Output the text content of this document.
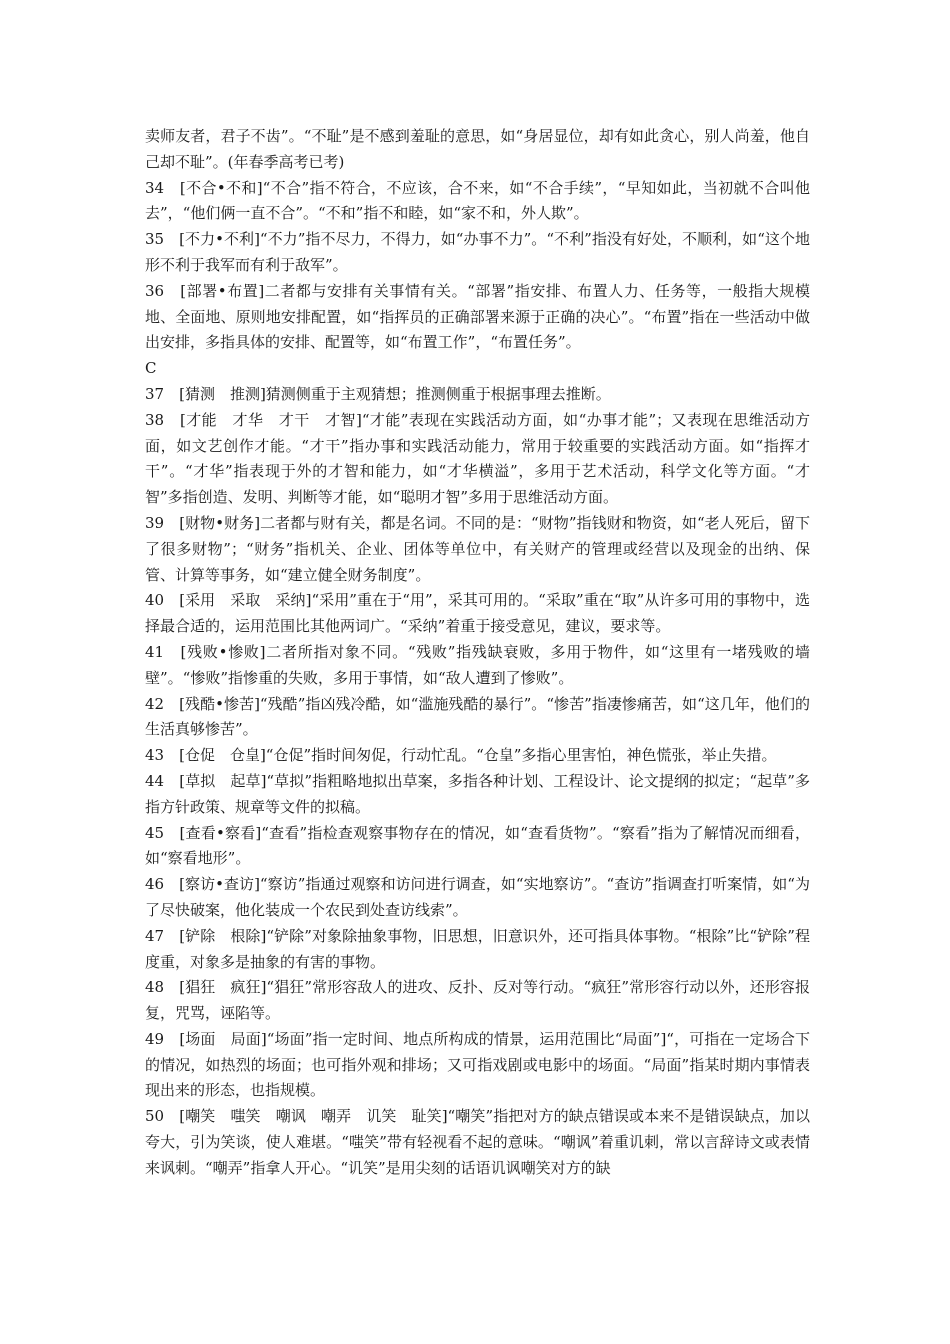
卖师友者，君子不齿”。“不耻”是不感到羞耻的意思，如“身居显位，却有如此贪心，别人尚羞，他自己却不耻”。(年春季高考已考)

34　[不合•不和]“不合”指不符合，不应该，合不来，如“不合手续”，“早知如此，当初就不合叫他去”，“他们俩一直不合”。“不和”指不和睦，如“家不和，外人欺”。

35　[不力•不利]“不力”指不尽力，不得力，如“办事不力”。“不利”指没有好处，不顺利，如“这个地形不利于我军而有利于敌军”。

36　[部署•布置]二者都与安排有关事情有关。“部署”指安排、布置人力、任务等，一般指大规模地、全面地、原则地安排配置，如“指挥员的正确部署来源于正确的决心”。“布置”指在一些活动中做出安排，多指具体的安排、配置等，如“布置工作”，“布置任务”。

C

37　[猜测　推测]猜测侧重于主观猜想；推测侧重于根据事理去推断。

38　[才能　才华　才干　才智]“才能”表现在实践活动方面，如“办事才能”；又表现在思维活动方面，如文艺创作才能。“才干”指办事和实践活动能力，常用于较重要的实践活动方面。如“指挥才干”。“才华”指表现于外的才智和能力，如“才华横溢”，多用于艺术活动，科学文化等方面。“才智”多指创造、发明、判断等才能，如“聪明才智”多用于思维活动方面。

39　[财物•财务]二者都与财有关，都是名词。不同的是：“财物”指钱财和物资，如“老人死后，留下了很多财物”；“财务”指机关、企业、团体等单位中，有关财产的管理或经营以及现金的出纳、保管、计算等事务，如“建立健全财务制度”。

40　[采用　采取　采纳]“采用”重在于“用”，采其可用的。“采取”重在“取”从许多可用的事物中，选择最合适的，运用范围比其他两词广。“采纳”着重于接受意见，建议，要求等。

41　[残败•惨败]二者所指对象不同。“残败”指残缺衰败，多用于物件，如“这里有一堵残败的墙壁”。“惨败”指惨重的失败，多用于事情，如“敌人遭到了惨败”。

42　[残酷•惨苦]“残酷”指凶残冷酷，如“滥施残酷的暴行”。“惨苦”指凄惨痛苦，如“这几年，他们的生活真够惨苦”。

43　[仓促　仓皇]“仓促”指时间匆促，行动忙乱。“仓皇”多指心里害怕，神色慌张，举止失措。

44　[草拟　起草]“草拟”指粗略地拟出草案，多指各种计划、工程设计、论文提纲的拟定；“起草”多指方针政策、规章等文件的拟稿。

45　[查看•察看]“查看”指检查观察事物存在的情况，如“查看货物”。“察看”指为了解情况而细看，如“察看地形”。

46　[察访•查访]“察访”指通过观察和访问进行调查，如“实地察访”。“查访”指调查打听案情，如“为了尽快破案，他化装成一个农民到处查访线索”。

47　[铲除　根除]“铲除”对象除抽象事物，旧思想，旧意识外，还可指具体事物。“根除”比“铲除”程度重，对象多是抽象的有害的事物。

48　[猖狂　疯狂]“猖狂”常形容敌人的进攻、反扑、反对等行动。“疯狂”常形容行动以外，还形容报复，咒骂，诬陷等。

49　[场面　局面]“场面”指一定时间、地点所构成的情景，运用范围比“局面”]“，可指在一定场合下的情况，如热烈的场面；也可指外观和排场；又可指戏剧或电影中的场面。“局面”指某时期内事情表现出来的形态，也指规模。

50　[嘲笑　嗤笑　嘲讽　嘲弄　讥笑　耻笑]“嘲笑”指把对方的缺点错误或本来不是错误缺点，加以夸大，引为笑谈，使人难堪。“嗤笑”带有轻视看不起的意味。“嘲讽”着重讥刺，常以言辞诗文或表情来讽刺。“嘲弄”指拿人开心。“讥笑”是用尖刻的话语讥讽嘲笑对方的缺
